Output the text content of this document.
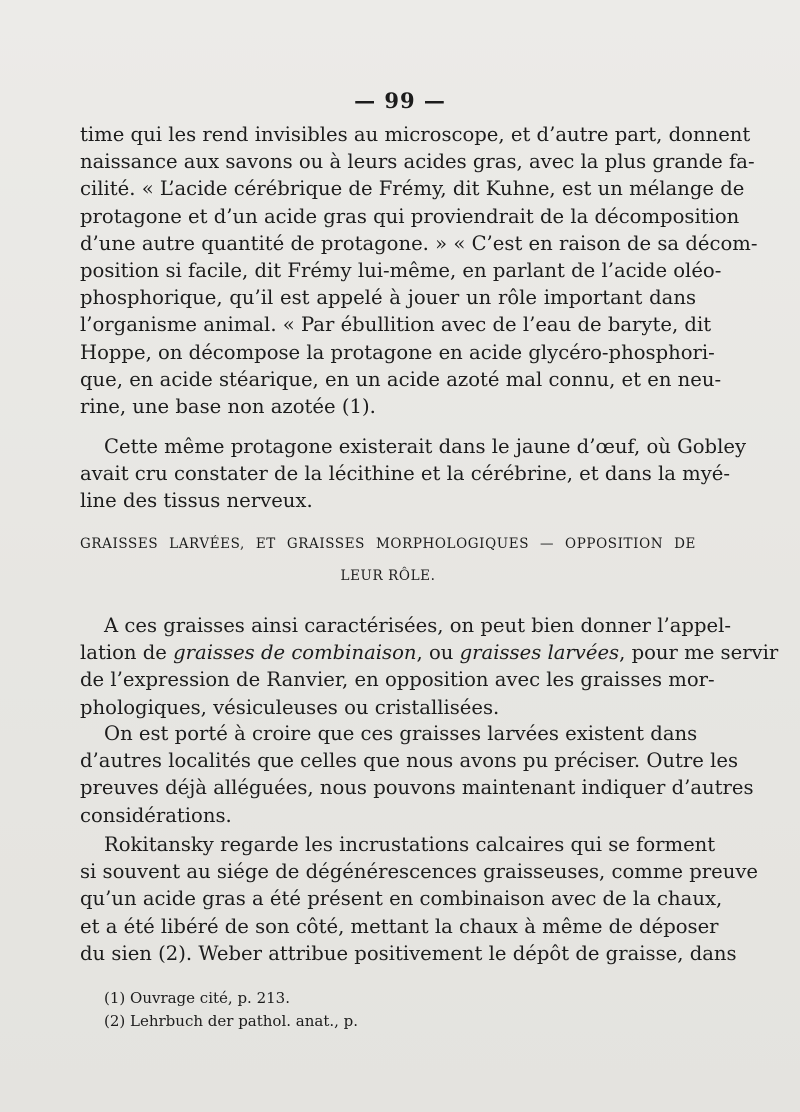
— 99 —
time qui les rend invisibles au microscope, et d’autre part, donnent
naissance aux savons ou à leurs acides gras, avec la plus grande fa-
cilité. « L’acide cérébrique de Frémy, dit Kuhne, est un mélange de
protagone et d’un acide gras qui proviendrait de la décomposition
d’une autre quantité de protagone. » « C’est en raison de sa décom-
position si facile, dit Frémy lui-même, en parlant de l’acide oléo-
phosphorique, qu’il est appelé à jouer un rôle important dans
l’organisme animal. « Par ébullition avec de l’eau de baryte, dit
Hoppe, on décompose la protagone en acide glycéro-phosphori-
que, en acide stéarique, en un acide azoté mal connu, et en neu-
rine, une base non azotée (1).
Cette même protagone existerait dans le jaune d’œuf, où Gobley
avait cru constater de la lécithine et la cérébrine, et dans la myé-
line des tissus nerveux.
GRAISSES LARVÉES, ET GRAISSES MORPHOLOGIQUES — OPPOSITION DE
LEUR RÔLE.
A ces graisses ainsi caractérisées, on peut bien donner l’appel-
lation de graisses de combinaison, ou graisses larvées, pour me servir
de l’expression de Ranvier, en opposition avec les graisses mor-
phologiques, vésiculeuses ou cristallisées.
On est porté à croire que ces graisses larvées existent dans
d’autres localités que celles que nous avons pu préciser. Outre les
preuves déjà alléguées, nous pouvons maintenant indiquer d’autres
considérations.
Rokitansky regarde les incrustations calcaires qui se forment
si souvent au siége de dégénérescences graisseuses, comme preuve
qu’un acide gras a été présent en combinaison avec de la chaux,
et a été libéré de son côté, mettant la chaux à même de déposer
du sien (2). Weber attribue positivement le dépôt de graisse, dans
(1) Ouvrage cité, p. 213.
(2) Lehrbuch der pathol. anat., p.
